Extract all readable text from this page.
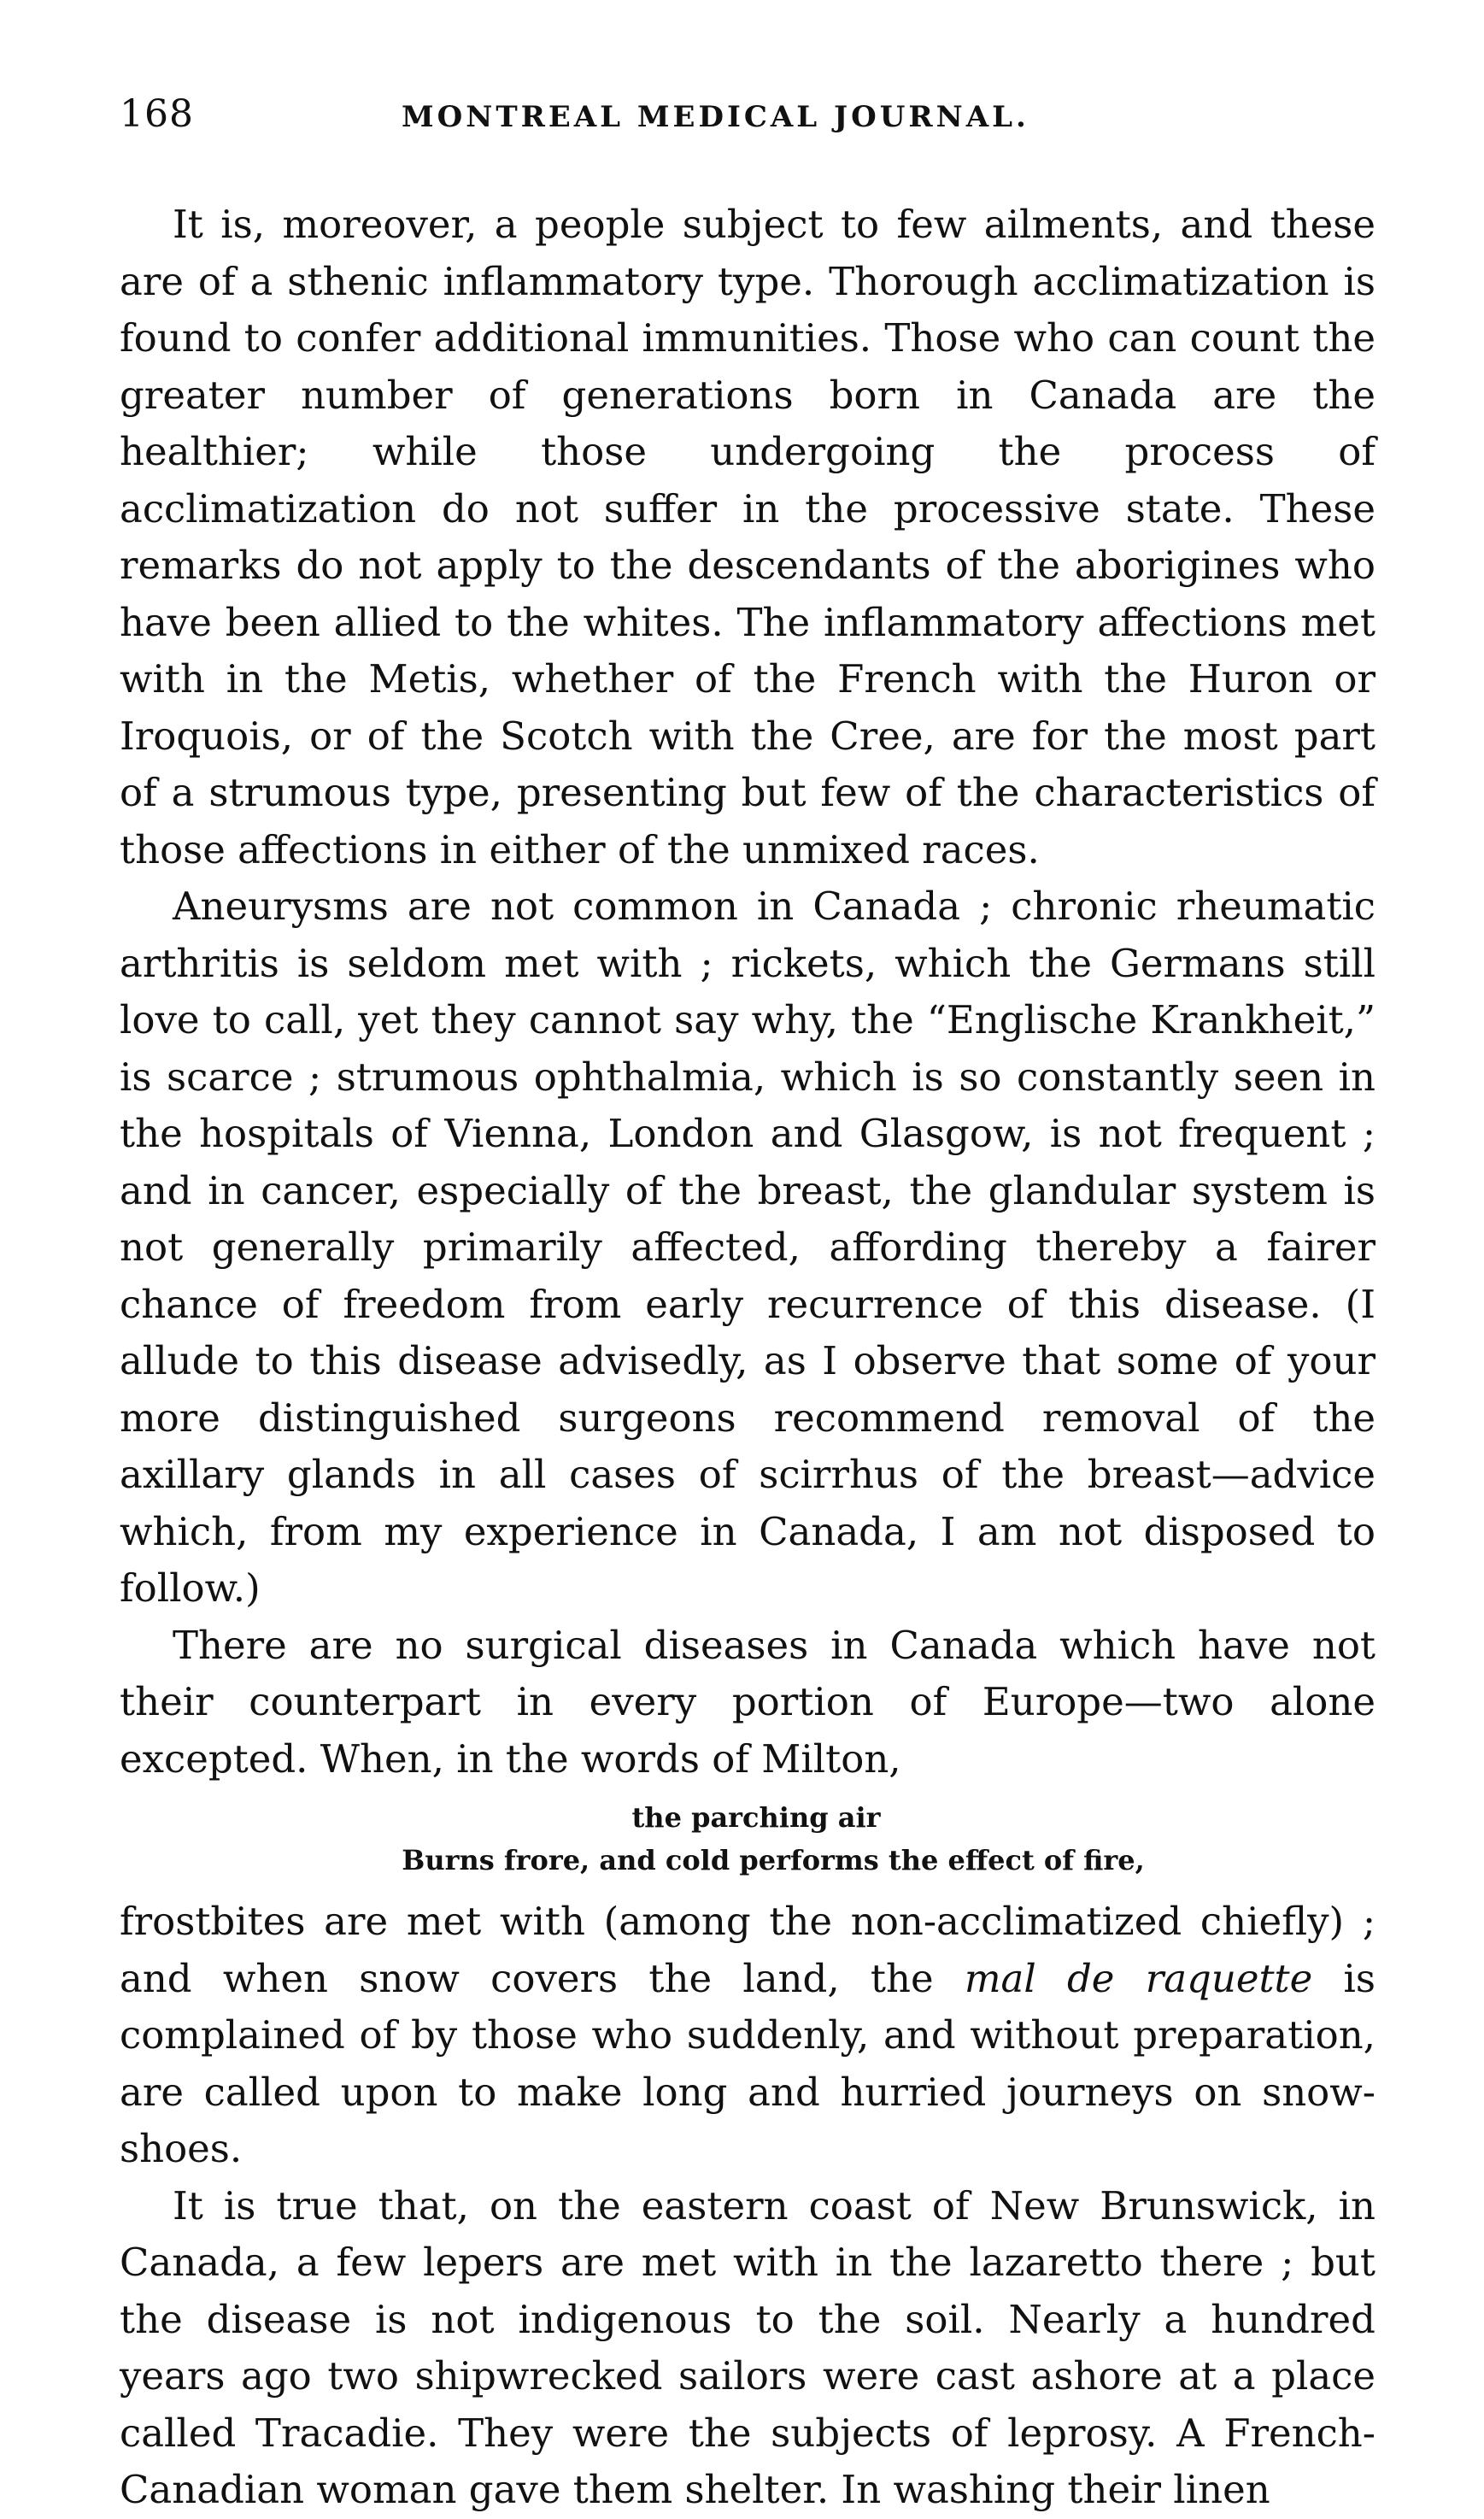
168	MONTREAL MEDICAL JOURNAL.

It is, moreover, a people subject to few ailments, and these are of a sthenic inflammatory type. Thorough acclimatization is found to confer additional immunities. Those who can count the greater number of generations born in Canada are the healthier; while those undergoing the process of acclimatization do not suffer in the processive state. These remarks do not apply to the descendants of the aborigines who have been allied to the whites. The inflammatory affections met with in the Metis, whether of the French with the Huron or Iroquois, or of the Scotch with the Cree, are for the most part of a strumous type, presenting but few of the characteristics of those affections in either of the unmixed races.

Aneurysms are not common in Canada ; chronic rheumatic arthritis is seldom met with ; rickets, which the Germans still love to call, yet they cannot say why, the “Englische Krankheit,” is scarce ; strumous ophthalmia, which is so constantly seen in the hospitals of Vienna, London and Glasgow, is not frequent ; and in cancer, especially of the breast, the glandular system is not generally primarily affected, affording thereby a fairer chance of freedom from early recurrence of this disease. (I allude to this disease advisedly, as I observe that some of your more distinguished surgeons recommend removal of the axillary glands in all cases of scirrhus of the breast—advice which, from my experience in Canada, I am not disposed to follow.)

There are no surgical diseases in Canada which have not their counterpart in every portion of Europe—two alone excepted. When, in the words of Milton,

the parching air
Burns frore, and cold performs the effect of fire,

frostbites are met with (among the non-acclimatized chiefly) ; and when snow covers the land, the mal de raquette is complained of by those who suddenly, and without preparation, are called upon to make long and hurried journeys on snow-shoes.

It is true that, on the eastern coast of New Brunswick, in Canada, a few lepers are met with in the lazaretto there ; but the disease is not indigenous to the soil. Nearly a hundred years ago two shipwrecked sailors were cast ashore at a place called Tracadie. They were the subjects of leprosy. A French-Canadian woman gave them shelter. In washing their linen
